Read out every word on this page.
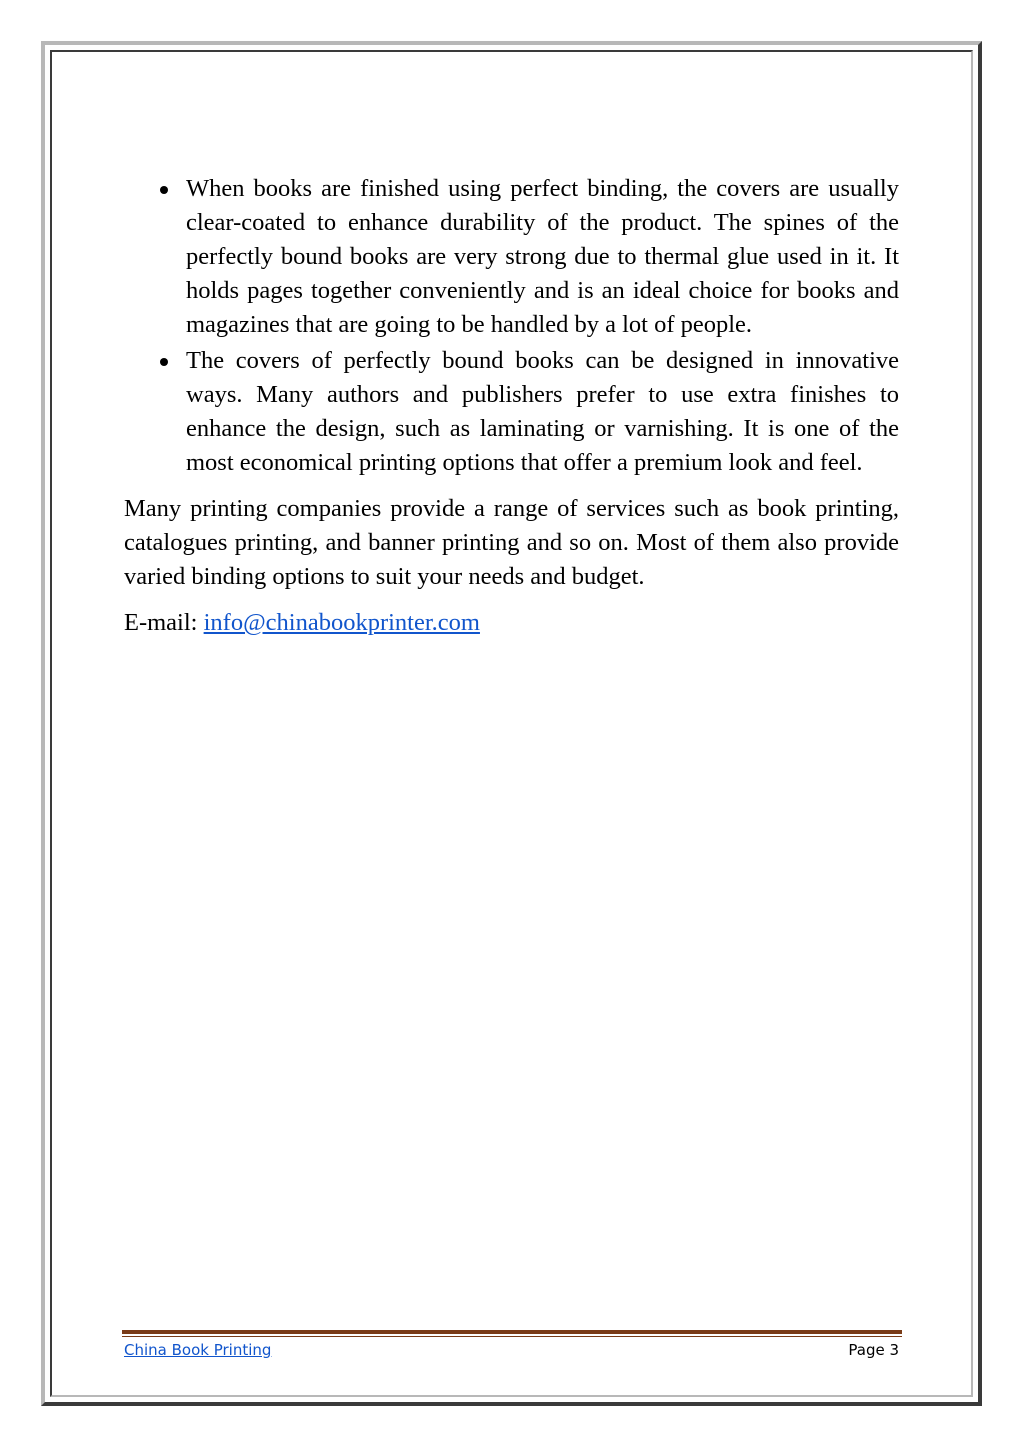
When books are finished using perfect binding, the covers are usually clear-coated to enhance durability of the product. The spines of the perfectly bound books are very strong due to thermal glue used in it. It holds pages together conveniently and is an ideal choice for books and magazines that are going to be handled by a lot of people.
The covers of perfectly bound books can be designed in innovative ways. Many authors and publishers prefer to use extra finishes to enhance the design, such as laminating or varnishing. It is one of the most economical printing options that offer a premium look and feel.

Many printing companies provide a range of services such as book printing, catalogues printing, and banner printing and so on. Most of them also provide varied binding options to suit your needs and budget.

E-mail: info@chinabookprinter.com

China Book Printing	Page 3
